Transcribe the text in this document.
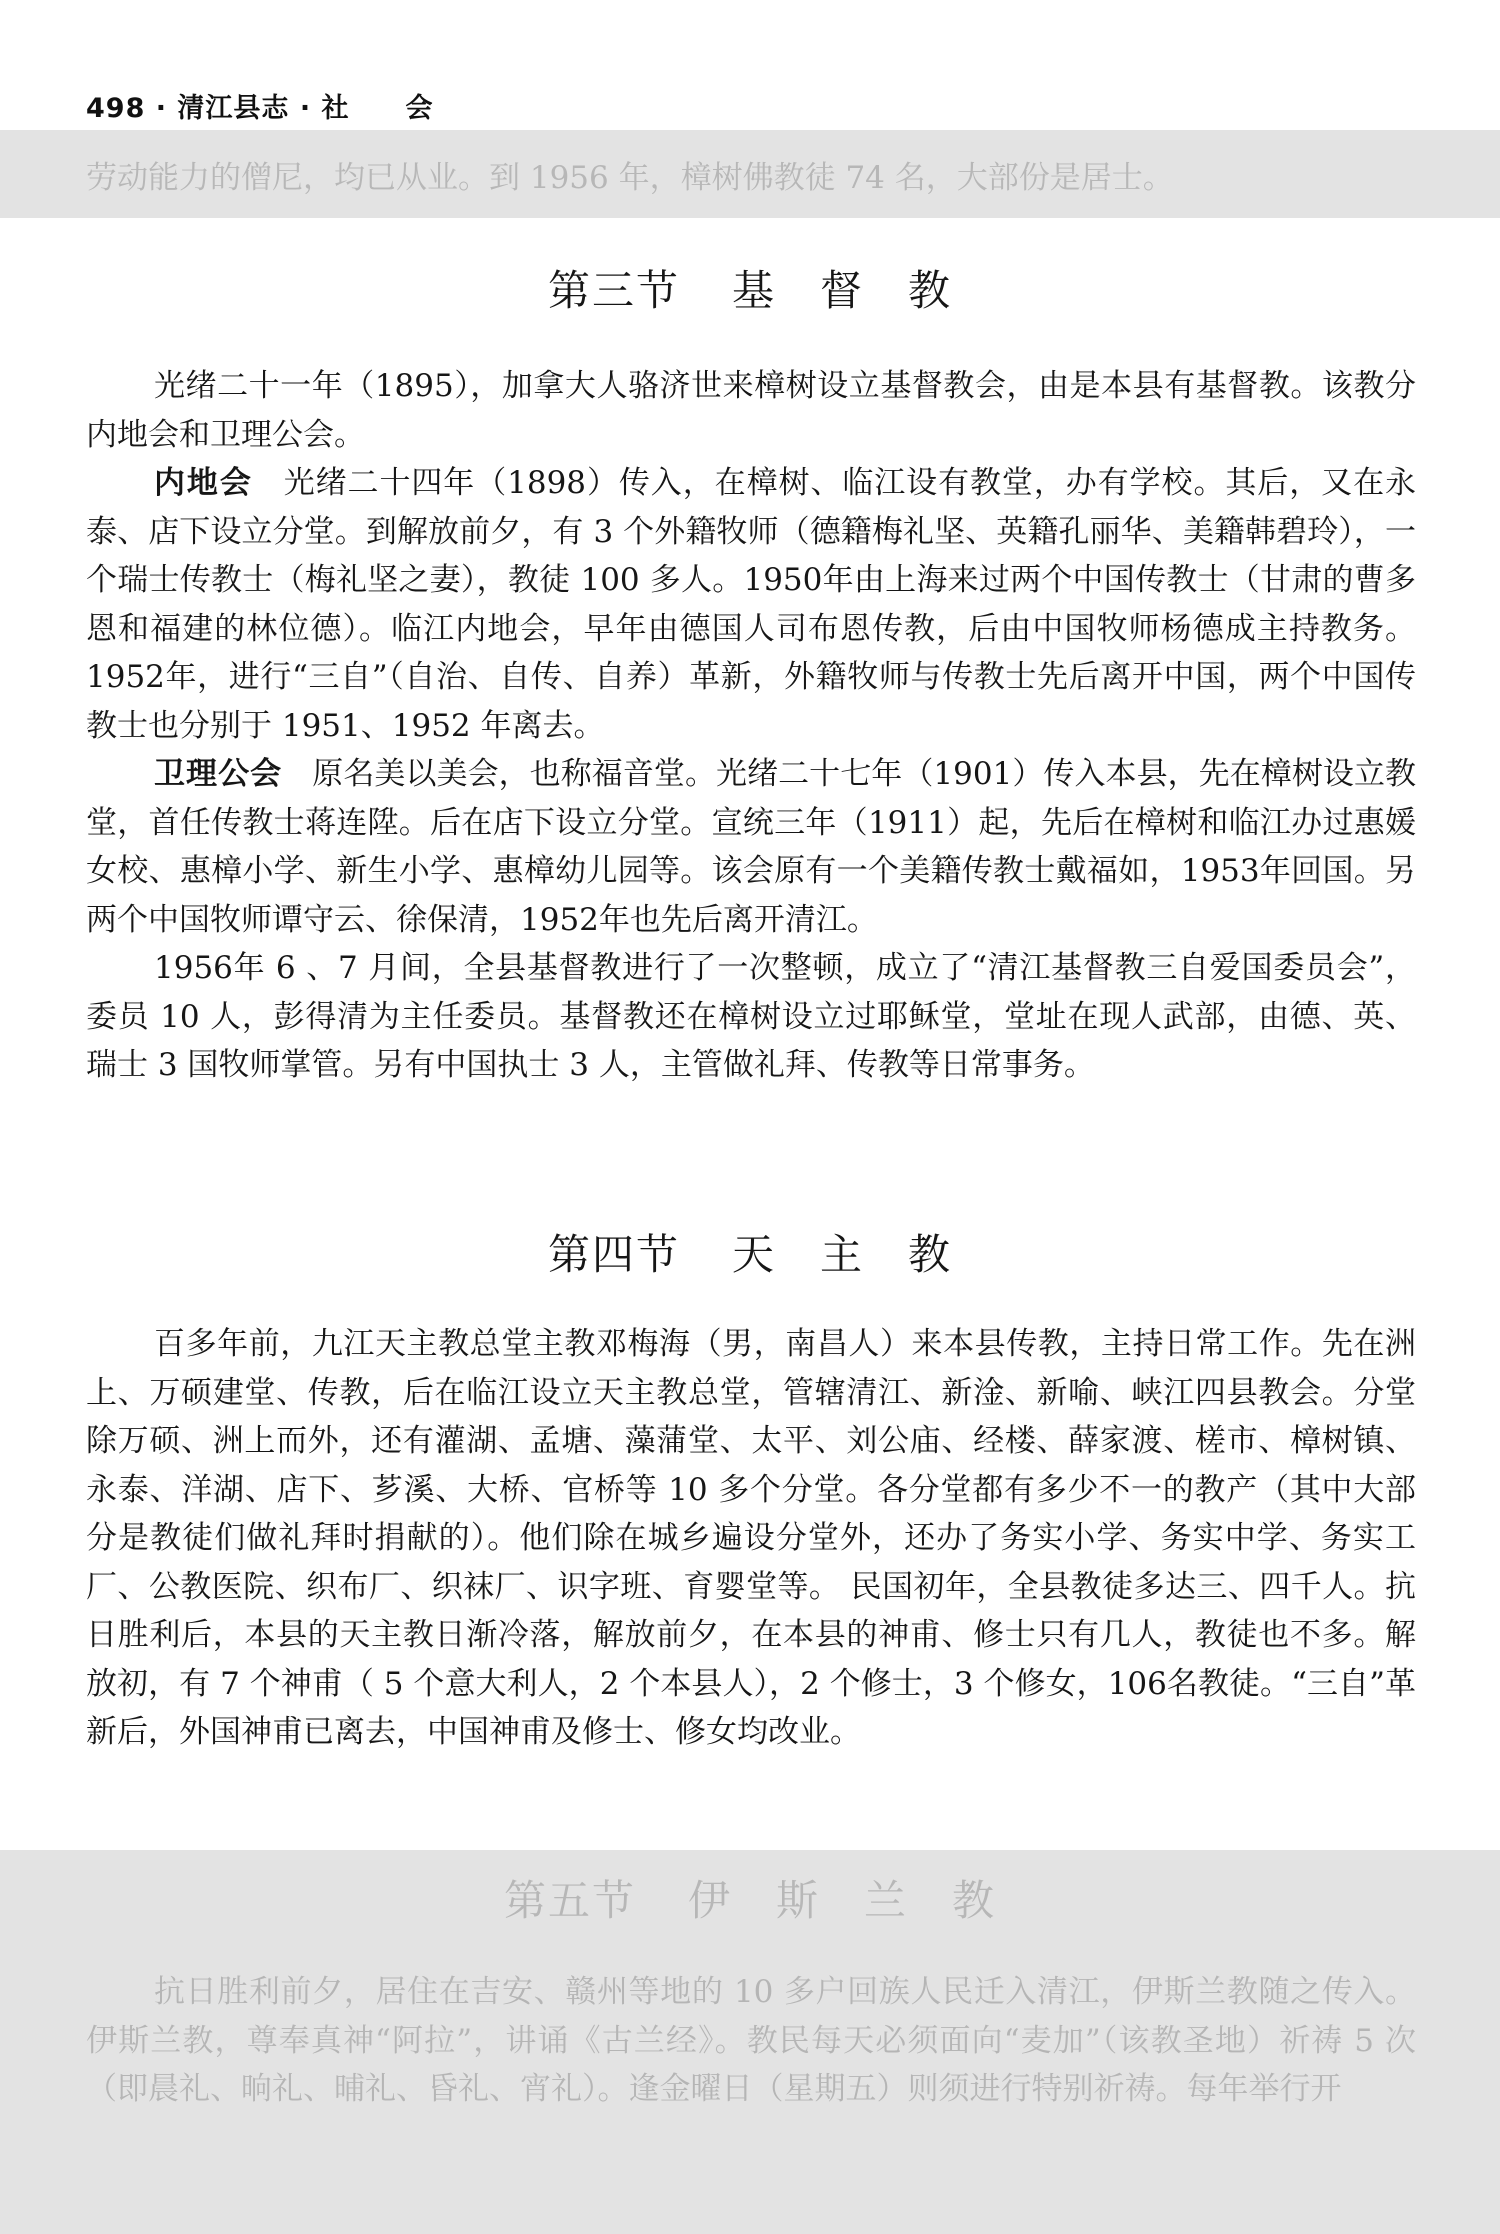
498 · 清江县志 · 社　　会
劳动能力的僧尼，均已从业。到 1956 年，樟树佛教徒 74 名，大部份是居士。
第三节 基　督　教

光绪二十一年（1895），加拿大人骆济世来樟树设立基督教会，由是本县有基督教。该教分内地会和卫理公会。

内地会 光绪二十四年（1898）传入，在樟树、临江设有教堂，办有学校。其后，又在永泰、店下设立分堂。到解放前夕，有 3 个外籍牧师（德籍梅礼坚、英籍孔丽华、美籍韩碧玲），一个瑞士传教士（梅礼坚之妻），教徒 100 多人。1950年由上海来过两个中国传教士（甘肃的曹多恩和福建的林位德）。临江内地会，早年由德国人司布恩传教，后由中国牧师杨德成主持教务。1952年，进行“三自”（自治、自传、自养）革新，外籍牧师与传教士先后离开中国，两个中国传教士也分别于 1951、1952 年离去。

卫理公会 原名美以美会，也称福音堂。光绪二十七年（1901）传入本县，先在樟树设立教堂，首任传教士蒋连陞。后在店下设立分堂。宣统三年（1911）起，先后在樟树和临江办过惠媛女校、惠樟小学、新生小学、惠樟幼儿园等。该会原有一个美籍传教士戴福如，1953年回国。另两个中国牧师谭守云、徐保清，1952年也先后离开清江。

1956年 6 、7 月间，全县基督教进行了一次整顿，成立了“清江基督教三自爱国委员会”，委员 10 人，彭得清为主任委员。基督教还在樟树设立过耶稣堂，堂址在现人武部，由德、英、瑞士 3 国牧师掌管。另有中国执士 3 人，主管做礼拜、传教等日常事务。

第四节 天　主　教

百多年前，九江天主教总堂主教邓梅海（男，南昌人）来本县传教，主持日常工作。先在洲上、万硕建堂、传教，后在临江设立天主教总堂，管辖清江、新淦、新喻、峡江四县教会。分堂除万硕、洲上而外，还有灌湖、孟塘、藻蒲堂、太平、刘公庙、经楼、薛家渡、槎市、樟树镇、永泰、洋湖、店下、芗溪、大桥、官桥等 10 多个分堂。各分堂都有多少不一的教产（其中大部分是教徒们做礼拜时捐献的）。他们除在城乡遍设分堂外，还办了务实小学、务实中学、务实工厂、公教医院、织布厂、织袜厂、识字班、育婴堂等。 民国初年，全县教徒多达三、四千人。抗日胜利后，本县的天主教日渐冷落，解放前夕，在本县的神甫、修士只有几人，教徒也不多。解放初，有 7 个神甫（ 5 个意大利人，2 个本县人），2 个修士，3 个修女，106名教徒。“三自”革新后，外国神甫已离去，中国神甫及修士、修女均改业。

第五节 伊　斯　兰　教

抗日胜利前夕，居住在吉安、赣州等地的 10 多户回族人民迁入清江，伊斯兰教随之传入。伊斯兰教，尊奉真神“阿拉”，讲诵《古兰经》。教民每天必须面向“麦加”（该教圣地）祈祷 5 次（即晨礼、晌礼、晡礼、昏礼、宵礼）。逢金曜日（星期五）则须进行特别祈祷。每年举行开
